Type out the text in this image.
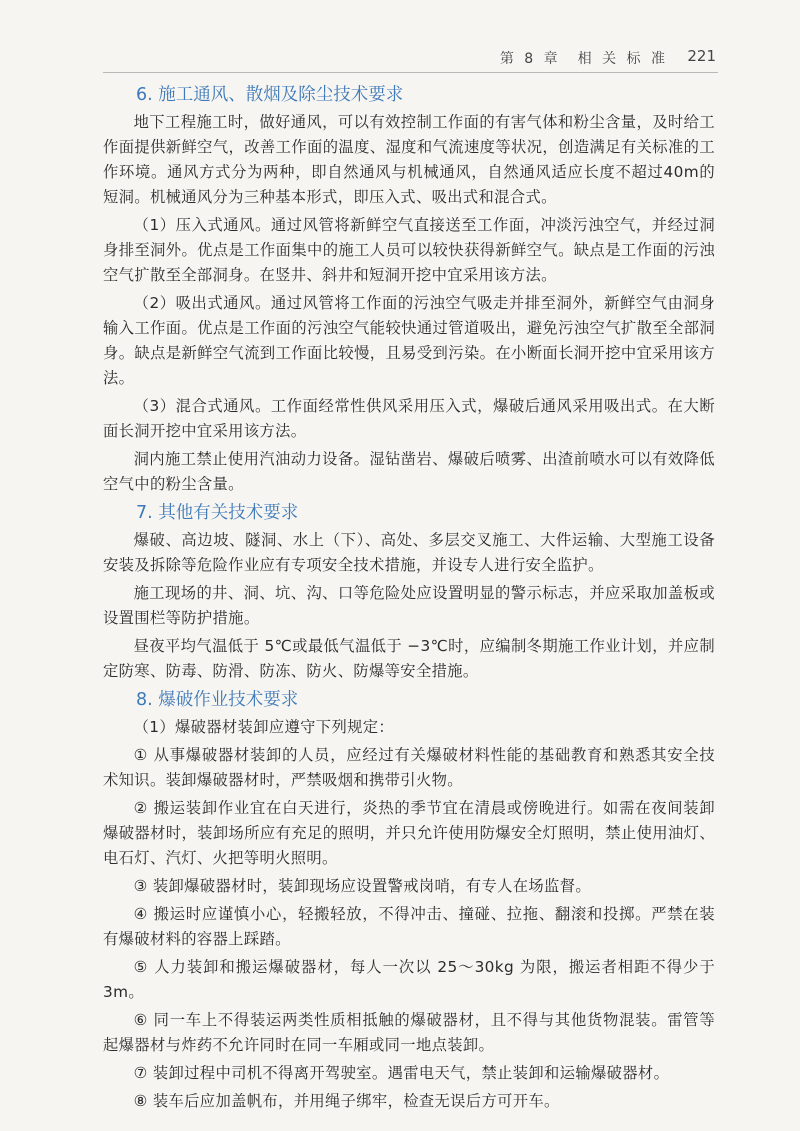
第 8 章　相 关 标 准 221
6. 施工通风、散烟及除尘技术要求

地下工程施工时，做好通风，可以有效控制工作面的有害气体和粉尘含量，及时给工作面提供新鲜空气，改善工作面的温度、湿度和气流速度等状况，创造满足有关标准的工作环境。通风方式分为两种，即自然通风与机械通风，自然通风适应长度不超过40m的短洞。机械通风分为三种基本形式，即压入式、吸出式和混合式。

（1）压入式通风。通过风管将新鲜空气直接送至工作面，冲淡污浊空气，并经过洞身排至洞外。优点是工作面集中的施工人员可以较快获得新鲜空气。缺点是工作面的污浊空气扩散至全部洞身。在竖井、斜井和短洞开挖中宜采用该方法。

（2）吸出式通风。通过风管将工作面的污浊空气吸走并排至洞外，新鲜空气由洞身输入工作面。优点是工作面的污浊空气能较快通过管道吸出，避免污浊空气扩散至全部洞身。缺点是新鲜空气流到工作面比较慢，且易受到污染。在小断面长洞开挖中宜采用该方法。

（3）混合式通风。工作面经常性供风采用压入式，爆破后通风采用吸出式。在大断面长洞开挖中宜采用该方法。

洞内施工禁止使用汽油动力设备。湿钻凿岩、爆破后喷雾、出渣前喷水可以有效降低空气中的粉尘含量。

7. 其他有关技术要求

爆破、高边坡、隧洞、水上（下）、高处、多层交叉施工、大件运输、大型施工设备安装及拆除等危险作业应有专项安全技术措施，并设专人进行安全监护。

施工现场的井、洞、坑、沟、口等危险处应设置明显的警示标志，并应采取加盖板或设置围栏等防护措施。

昼夜平均气温低于 5℃或最低气温低于 −3℃时，应编制冬期施工作业计划，并应制定防寒、防毒、防滑、防冻、防火、防爆等安全措施。

8. 爆破作业技术要求

（1）爆破器材装卸应遵守下列规定：

① 从事爆破器材装卸的人员，应经过有关爆破材料性能的基础教育和熟悉其安全技术知识。装卸爆破器材时，严禁吸烟和携带引火物。

② 搬运装卸作业宜在白天进行，炎热的季节宜在清晨或傍晚进行。如需在夜间装卸爆破器材时，装卸场所应有充足的照明，并只允许使用防爆安全灯照明，禁止使用油灯、电石灯、汽灯、火把等明火照明。

③ 装卸爆破器材时，装卸现场应设置警戒岗哨，有专人在场监督。

④ 搬运时应谨慎小心，轻搬轻放，不得冲击、撞碰、拉拖、翻滚和投掷。严禁在装有爆破材料的容器上踩踏。

⑤ 人力装卸和搬运爆破器材，每人一次以 25～30kg 为限，搬运者相距不得少于3m。

⑥ 同一车上不得装运两类性质相抵触的爆破器材，且不得与其他货物混装。雷管等起爆器材与炸药不允许同时在同一车厢或同一地点装卸。

⑦ 装卸过程中司机不得离开驾驶室。遇雷电天气，禁止装卸和运输爆破器材。

⑧ 装车后应加盖帆布，并用绳子绑牢，检查无误后方可开车。
